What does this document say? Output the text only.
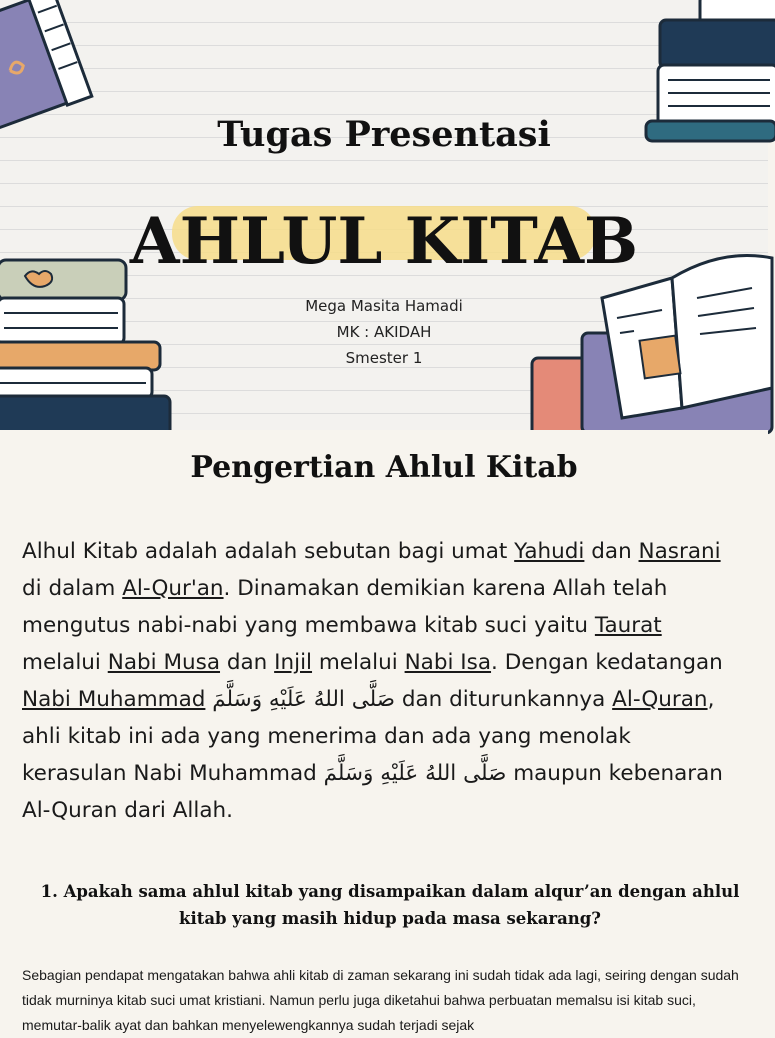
Tugas Presentasi
AHLUL KITAB
Mega Masita Hamadi
MK : AKIDAH
Smester 1
Pengertian Ahlul Kitab

Alhul Kitab adalah adalah sebutan bagi umat Yahudi dan Nasrani di dalam Al-Qur'an. Dinamakan demikian karena Allah telah mengutus nabi-nabi yang membawa kitab suci yaitu Taurat melalui Nabi Musa dan Injil melalui Nabi Isa. Dengan kedatangan Nabi Muhammad صَلَّى اللهُ عَلَيْهِ وَسَلَّمَ dan diturunkannya Al-Quran, ahli kitab ini ada yang menerima dan ada yang menolak kerasulan Nabi Muhammad صَلَّى اللهُ عَلَيْهِ وَسَلَّمَ maupun kebenaran Al-Quran dari Allah.

1. Apakah sama ahlul kitab yang disampaikan dalam alqur’an dengan ahlul kitab yang masih hidup pada masa sekarang?

Sebagian pendapat mengatakan bahwa ahli kitab di zaman sekarang ini sudah tidak ada lagi, seiring dengan sudah tidak murninya kitab suci umat kristiani. Namun perlu juga diketahui bahwa perbuatan memalsu isi kitab suci, memutar-balik ayat dan bahkan menyelewengkannya sudah terjadi sejak
